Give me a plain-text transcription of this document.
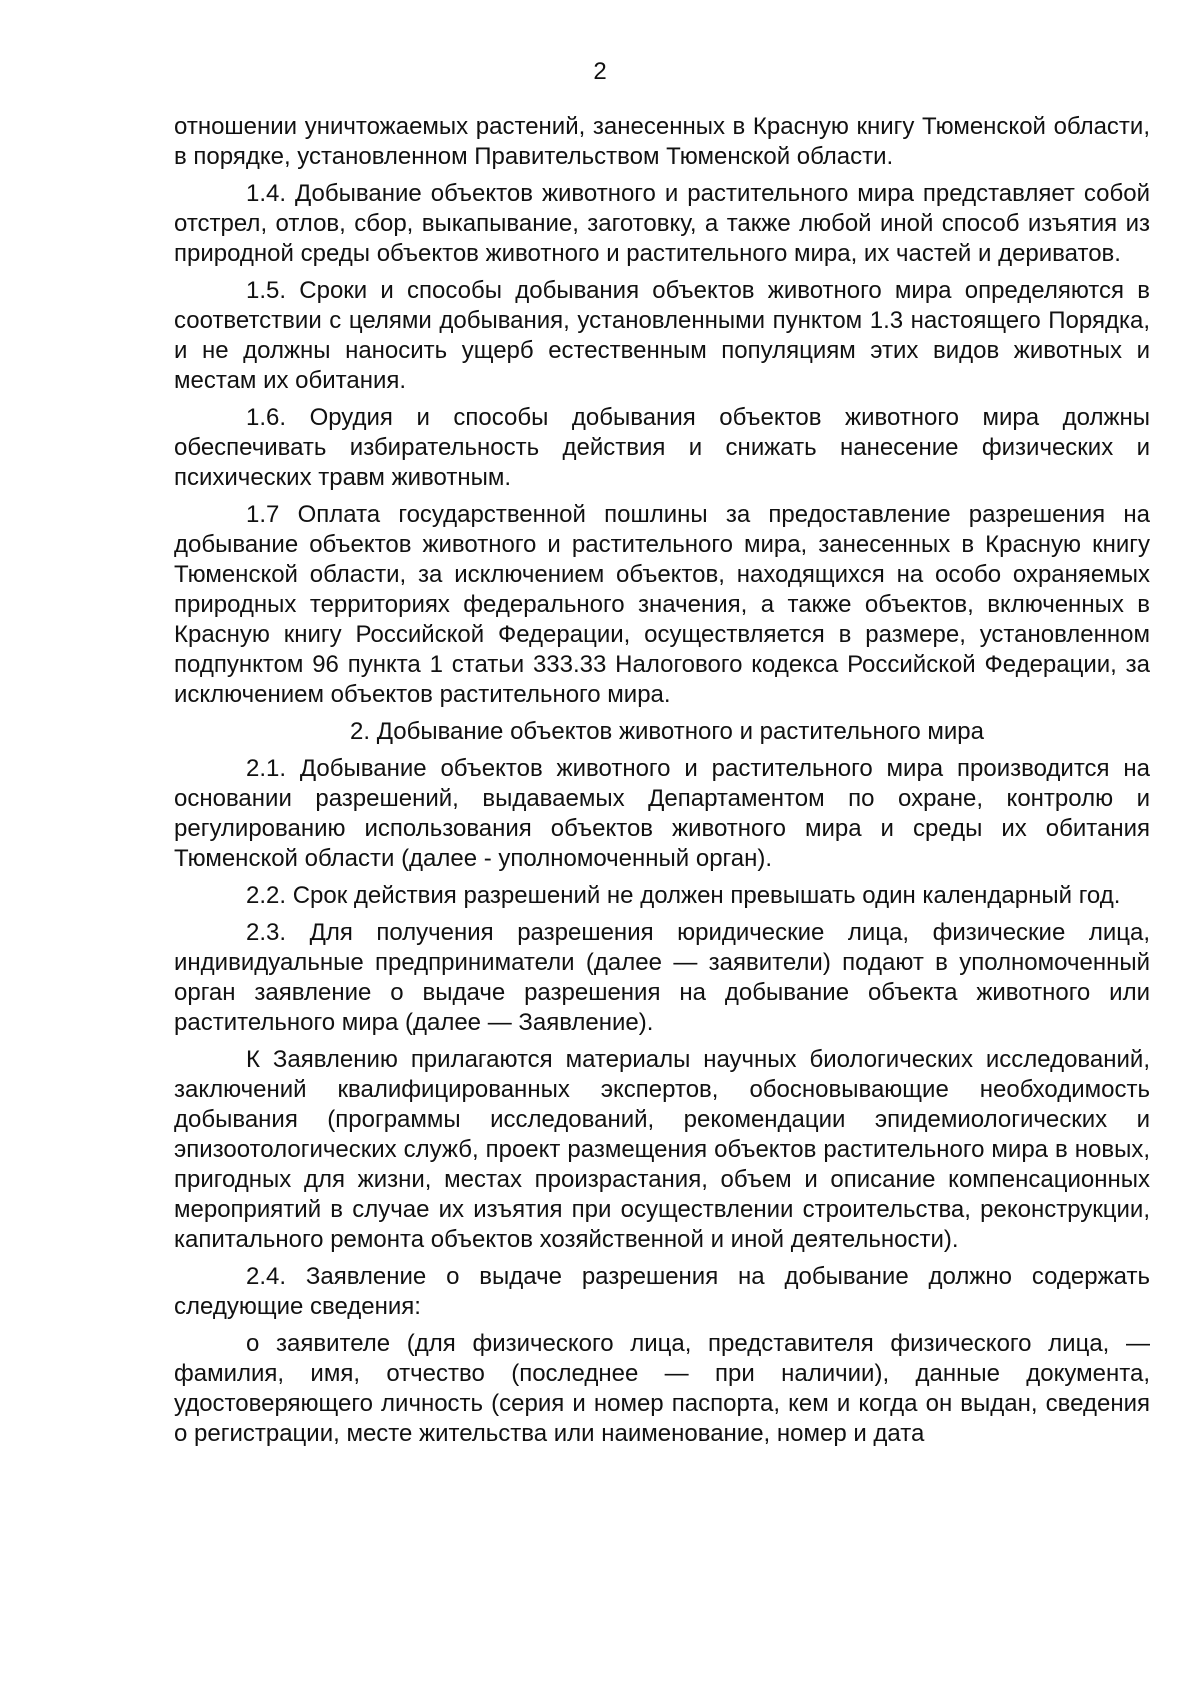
2

отношении уничтожаемых растений, занесенных в Красную книгу Тюменской области, в порядке, установленном Правительством Тюменской области.

1.4. Добывание объектов животного и растительного мира представляет собой отстрел, отлов, сбор, выкапывание, заготовку, а также любой иной способ изъятия из природной среды объектов животного и растительного мира, их частей и дериватов.

1.5. Сроки и способы добывания объектов животного мира определяются в соответствии с целями добывания, установленными пунктом 1.3 настоящего Порядка, и не должны наносить ущерб естественным популяциям этих видов животных и местам их обитания.

1.6. Орудия и способы добывания объектов животного мира должны обеспечивать избирательность действия и снижать нанесение физических и психических травм животным.

1.7 Оплата государственной пошлины за предоставление разрешения на добывание объектов животного и растительного мира, занесенных в Красную книгу Тюменской области, за исключением объектов, находящихся на особо охраняемых природных территориях федерального значения, а также объектов, включенных в Красную книгу Российской Федерации, осуществляется в размере, установленном подпунктом 96 пункта 1 статьи 333.33 Налогового кодекса Российской Федерации, за исключением объектов растительного мира.

2. Добывание объектов животного и растительного мира

2.1. Добывание объектов животного и растительного мира производится на основании разрешений, выдаваемых Департаментом по охране, контролю и регулированию использования объектов животного мира и среды их обитания Тюменской области (далее - уполномоченный орган).

2.2. Срок действия разрешений не должен превышать один календарный год.

2.3. Для получения разрешения юридические лица, физические лица, индивидуальные предприниматели (далее — заявители) подают в уполномоченный орган заявление о выдаче разрешения на добывание объекта животного или растительного мира (далее — Заявление).

К Заявлению прилагаются материалы научных биологических исследований, заключений квалифицированных экспертов, обосновывающие необходимость добывания (программы исследований, рекомендации эпидемиологических и эпизоотологических служб, проект размещения объектов растительного мира в новых, пригодных для жизни, местах произрастания, объем и описание компенсационных мероприятий в случае их изъятия при осуществлении строительства, реконструкции, капитального ремонта объектов хозяйственной и иной деятельности).

2.4. Заявление о выдаче разрешения на добывание должно содержать следующие сведения:

о заявителе (для физического лица, представителя физического лица, — фамилия, имя, отчество (последнее — при наличии), данные документа, удостоверяющего личность (серия и номер паспорта, кем и когда он выдан, сведения о регистрации, месте жительства или наименование, номер и дата
